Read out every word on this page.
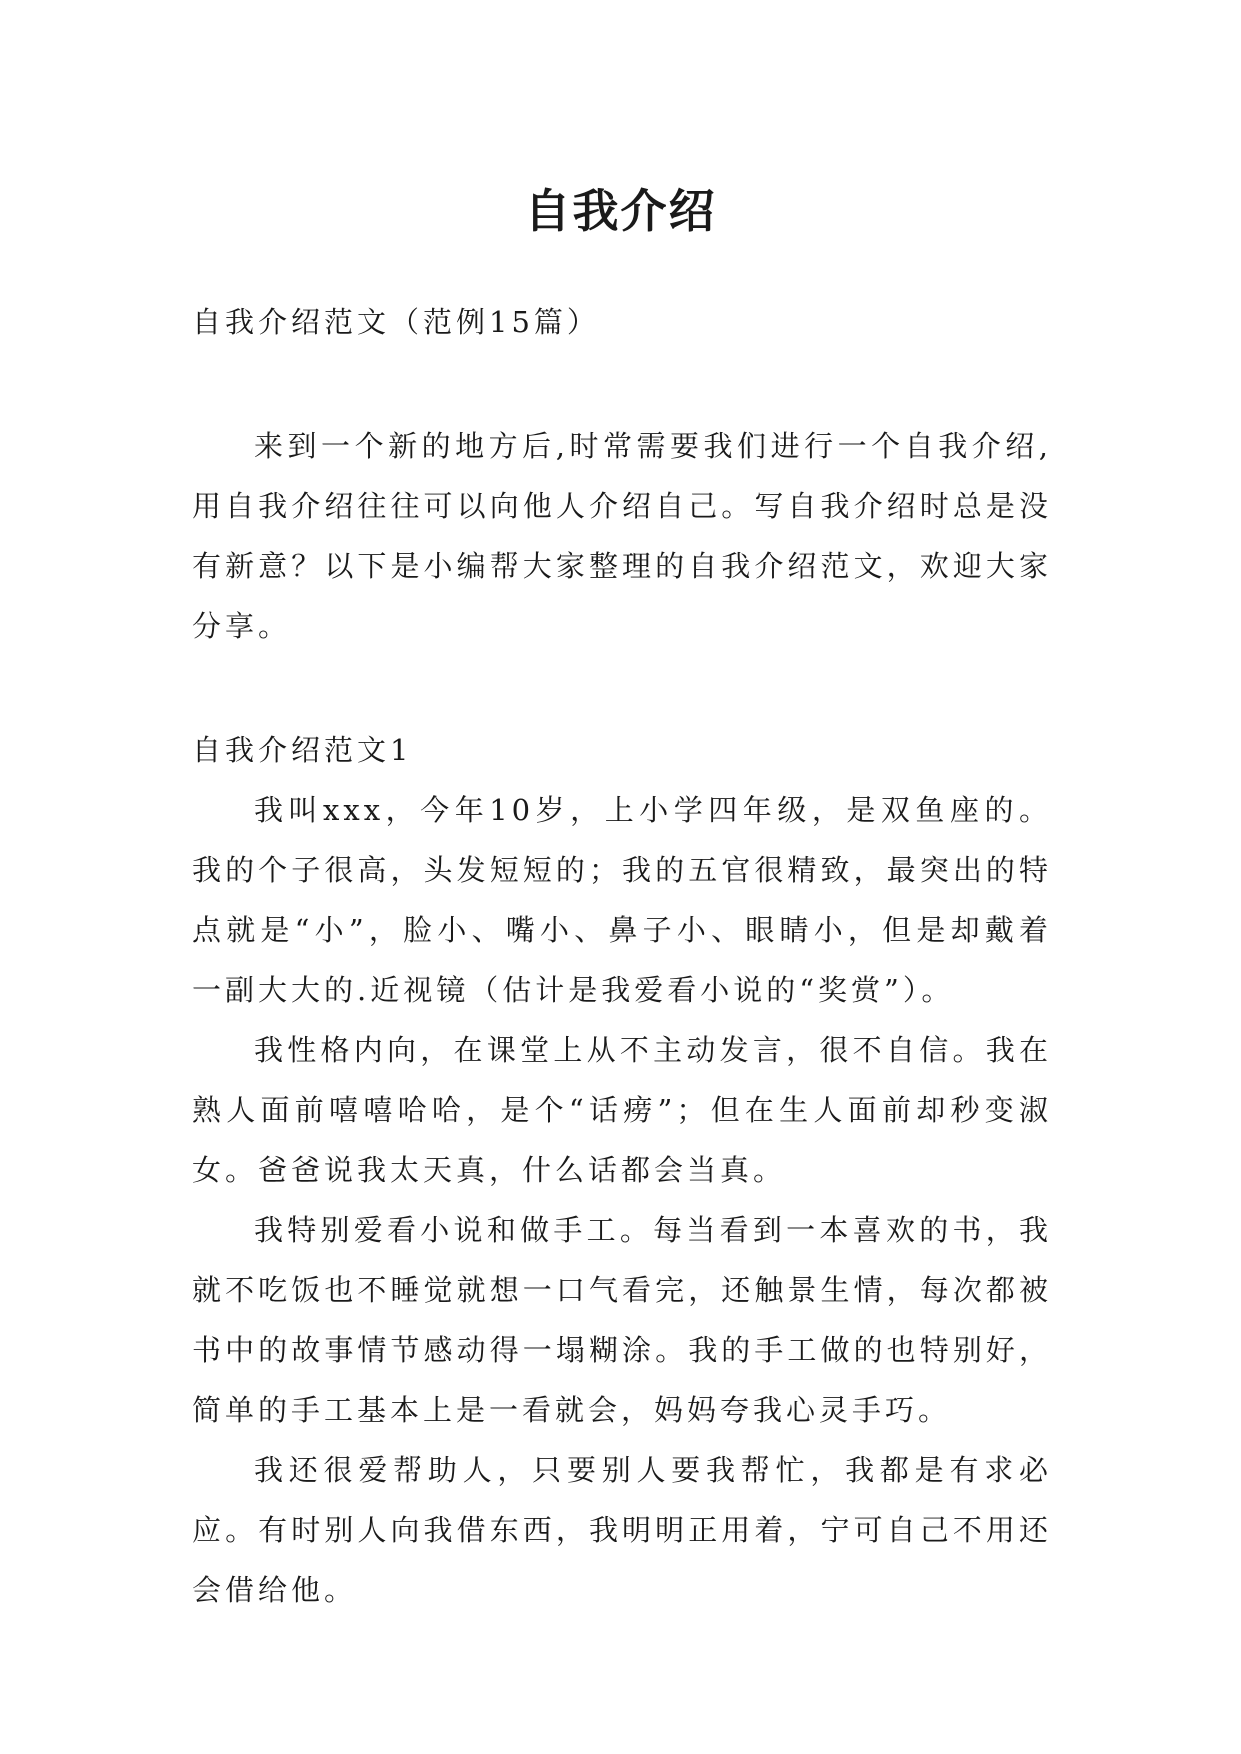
自我介绍

自我介绍范文（范例15篇）

来到一个新的地方后,时常需要我们进行一个自我介绍,用自我介绍往往可以向他人介绍自己。写自我介绍时总是没有新意？以下是小编帮大家整理的自我介绍范文，欢迎大家分享。

自我介绍范文1

我叫xxx，今年10岁，上小学四年级，是双鱼座的。我的个子很高，头发短短的；我的五官很精致，最突出的特点就是“小”，脸小、嘴小、鼻子小、眼睛小，但是却戴着一副大大的.近视镜（估计是我爱看小说的“奖赏”）。

我性格内向，在课堂上从不主动发言，很不自信。我在熟人面前嘻嘻哈哈，是个“话痨”；但在生人面前却秒变淑女。爸爸说我太天真，什么话都会当真。

我特别爱看小说和做手工。每当看到一本喜欢的书，我就不吃饭也不睡觉就想一口气看完，还触景生情，每次都被书中的故事情节感动得一塌糊涂。我的手工做的也特别好，简单的手工基本上是一看就会，妈妈夸我心灵手巧。

我还很爱帮助人，只要别人要我帮忙，我都是有求必应。有时别人向我借东西，我明明正用着，宁可自己不用还会借给他。
